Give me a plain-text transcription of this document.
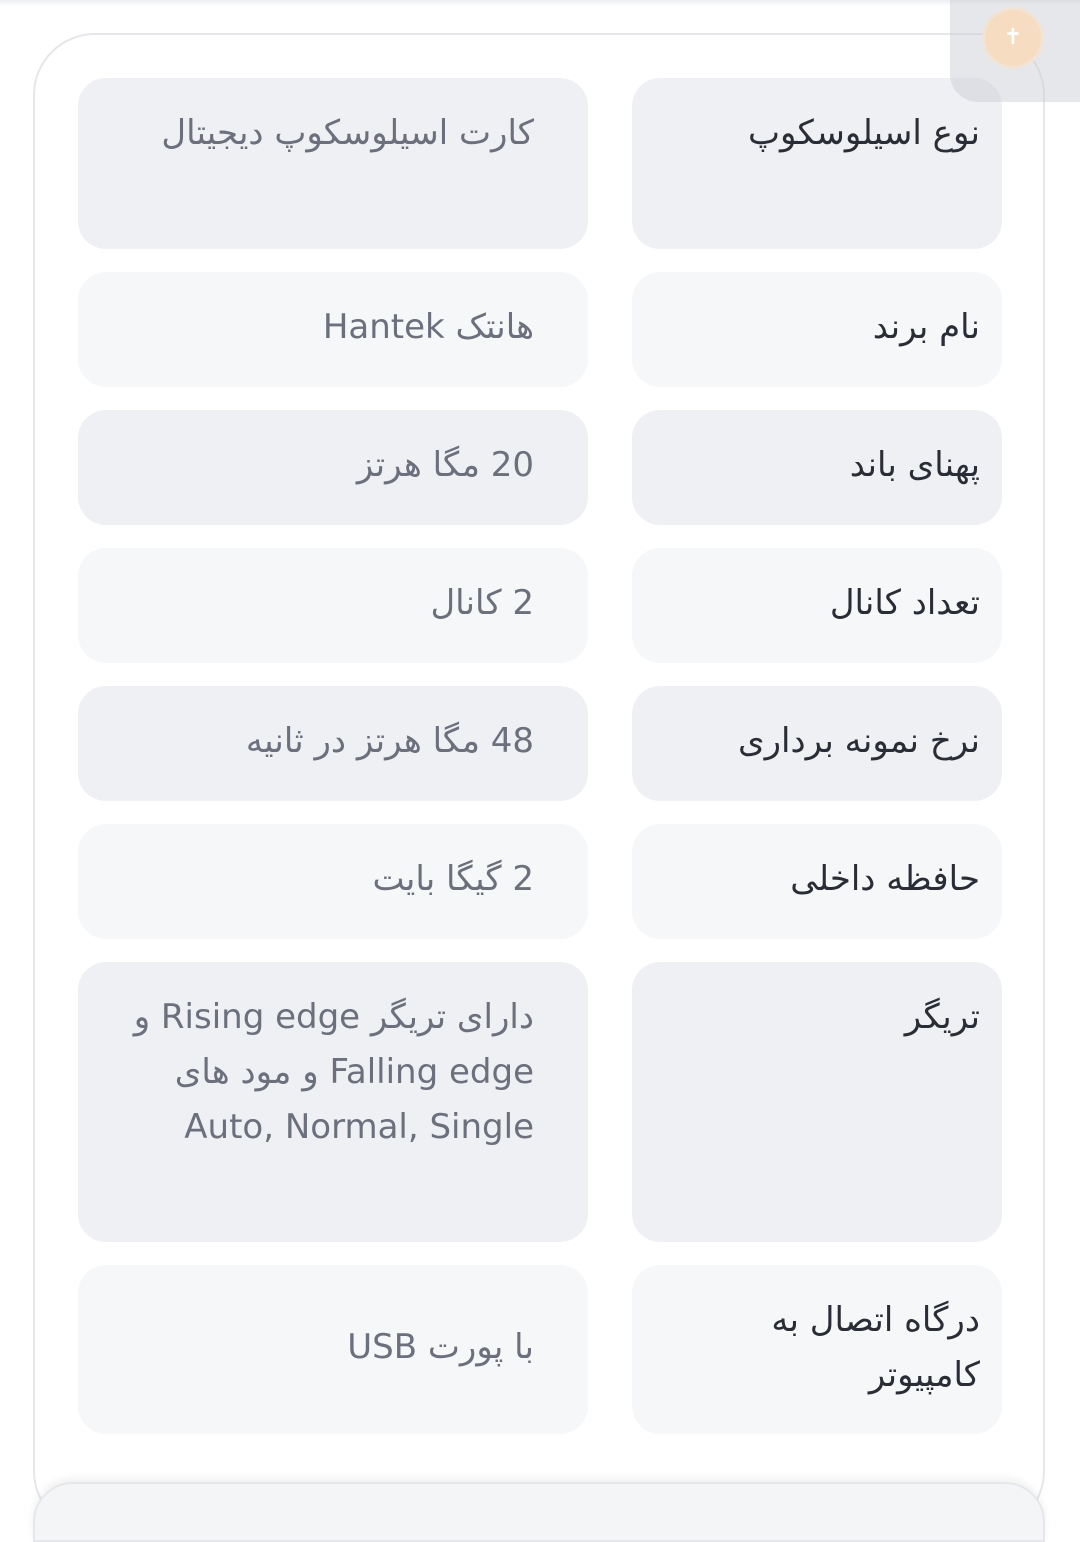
نوع اسیلوسکوپ
کارت اسیلوسکوپ دیجیتال
نام برند
هانتک Hantek
پهنای باند
20 مگا هرتز
تعداد کانال
2 کانال
نرخ نمونه برداری
48 مگا هرتز در ثانیه
حافظه داخلی
2 گیگا بایت
تریگر
دارای تریگر Rising edge و Falling edge و مود های Auto, Normal, Single
درگاه اتصال به کامپیوتر
با پورت USB
✝
